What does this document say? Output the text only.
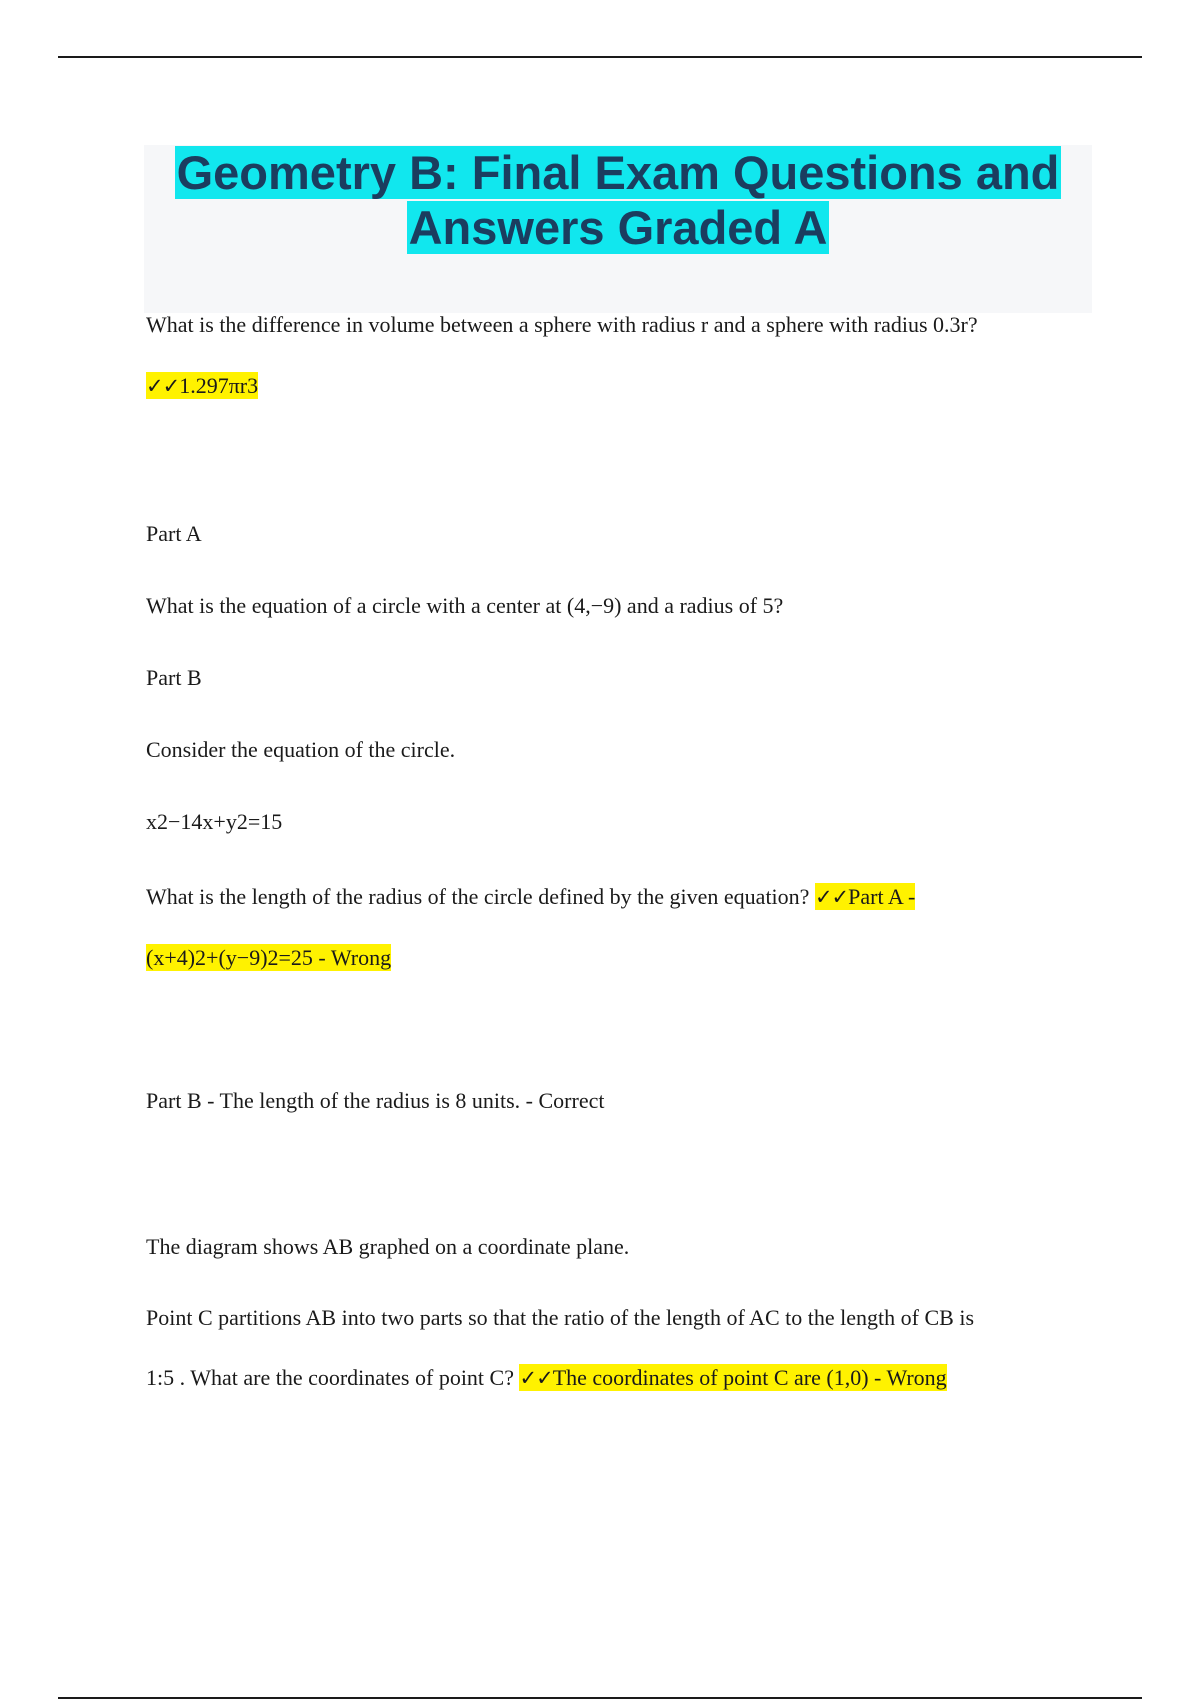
Geometry B: Final Exam Questions and
Answers Graded A

What is the difference in volume between a sphere with radius r and a sphere with radius 0.3r?

✓✓1.297πr3

Part A

What is the equation of a circle with a center at (4,−9) and a radius of 5?

Part B

Consider the equation of the circle.

x2−14x+y2=15

What is the length of the radius of the circle defined by the given equation? ✓✓Part A -

(x+4)2+(y−9)2=25 - Wrong

Part B - The length of the radius is 8 units. - Correct

The diagram shows AB graphed on a coordinate plane.

Point C partitions AB into two parts so that the ratio of the length of AC to the length of CB is

1:5 . What are the coordinates of point C? ✓✓The coordinates of point C are (1,0) - Wrong
